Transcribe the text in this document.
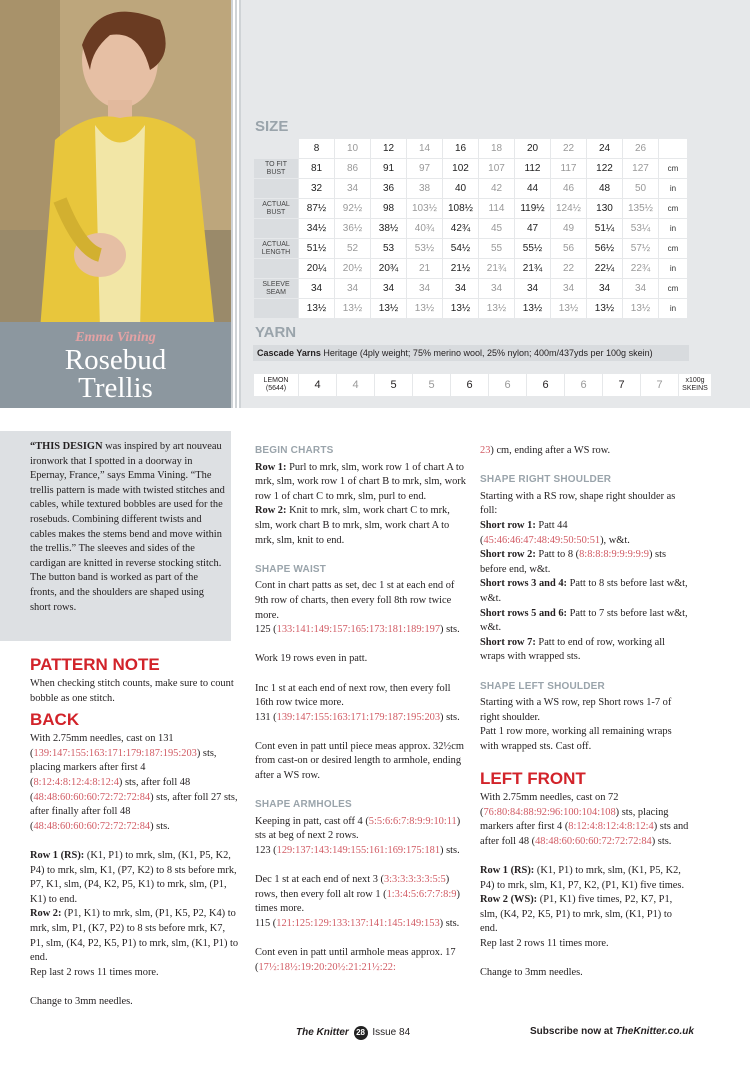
Emma Vining
Rosebud
Trellis
SIZE
	8	10	12	14	16	18	20	22	24	26	
TO FIT BUST	81	86	91	97	102	107	112	117	122	127	cm
	32	34	36	38	40	42	44	46	48	50	in
ACTUAL BUST	87½	92½	98	103½	108½	114	119½	124½	130	135½	cm
	34½	36½	38½	40¾	42¾	45	47	49	51¼	53¼	in
ACTUAL LENGTH	51½	52	53	53½	54½	55	55½	56	56½	57½	cm
	20¼	20½	20¾	21	21½	21¾	21¾	22	22¼	22¾	in
SLEEVE SEAM	34	34	34	34	34	34	34	34	34	34	cm
	13½	13½	13½	13½	13½	13½	13½	13½	13½	13½	in
YARN
Cascade Yarns Heritage (4ply weight; 75% merino wool, 25% nylon; 400m/437yds per 100g skein)
LEMON (5644)	4	4	5	5	6	6	6	6	7	7	x100g SKEINS

“THIS DESIGN was inspired by art nouveau ironwork that I spotted in a doorway in Epernay, France,” says Emma Vining. “The trellis pattern is made with twisted stitches and cables, while textured bobbles are used for the rosebuds. Combining different twists and cables makes the stems bend and move within the trellis.” The sleeves and sides of the cardigan are knitted in reverse stocking stitch. The button band is worked as part of the fronts, and the shoulders are shaped using short rows.

PATTERN NOTE

When checking stitch counts, make sure to count bobble as one stitch.

BACK

With 2.75mm needles, cast on 131 (139:147:155:163:171:179:187:195:203) sts, placing markers after first 4 (8:12:4:8:12:4:8:12:4) sts, after foll 48 (48:48:60:60:60:72:72:72:84) sts, after foll 27 sts, after finally after foll 48 (48:48:60:60:60:72:72:72:84) sts.

Row 1 (RS): (K1, P1) to mrk, slm, (K1, P5, K2, P4) to mrk, slm, K1, (P7, K2) to 8 sts before mrk, P7, K1, slm, (P4, K2, P5, K1) to mrk, slm, (P1, K1) to end.

Row 2: (P1, K1) to mrk, slm, (P1, K5, P2, K4) to mrk, slm, P1, (K7, P2) to 8 sts before mrk, K7, P1, slm, (K4, P2, K5, P1) to mrk, slm, (K1, P1) to end.

Rep last 2 rows 11 times more.

Change to 3mm needles.

BEGIN CHARTS

Row 1: Purl to mrk, slm, work row 1 of chart A to mrk, slm, work row 1 of chart B to mrk, slm, work row 1 of chart C to mrk, slm, purl to end.

Row 2: Knit to mrk, slm, work chart C to mrk, slm, work chart B to mrk, slm, work chart A to mrk, slm, knit to end.

SHAPE WAIST

Cont in chart patts as set, dec 1 st at each end of 9th row of charts, then every foll 8th row twice more.

125 (133:141:149:157:165:173:181:189:197) sts.

Work 19 rows even in patt.

Inc 1 st at each end of next row, then every foll 16th row twice more.

131 (139:147:155:163:171:179:187:195:203) sts.

Cont even in patt until piece meas approx. 32½cm from cast-on or desired length to armhole, ending after a WS row.

SHAPE ARMHOLES

Keeping in patt, cast off 4 (5:5:6:6:7:8:9:9:10:11) sts at beg of next 2 rows.

123 (129:137:143:149:155:161:169:175:181) sts.

Dec 1 st at each end of next 3 (3:3:3:3:3:3:5:5) rows, then every foll alt row 1 (1:3:4:5:6:7:7:8:9) times more.

115 (121:125:129:133:137:141:145:149:153) sts.

Cont even in patt until armhole meas approx. 17 (17½:18½:19:20:20½:21:21½:22:

23) cm, ending after a WS row.

SHAPE RIGHT SHOULDER

Starting with a RS row, shape right shoulder as foll:

Short row 1: Patt 44 (45:46:46:47:48:49:50:50:51), w&t.

Short row 2: Patt to 8 (8:8:8:8:9:9:9:9:9) sts before end, w&t.

Short rows 3 and 4: Patt to 8 sts before last w&t, w&t.

Short rows 5 and 6: Patt to 7 sts before last w&t, w&t.

Short row 7: Patt to end of row, working all wraps with wrapped sts.

SHAPE LEFT SHOULDER

Starting with a WS row, rep Short rows 1-7 of right shoulder.

Patt 1 row more, working all remaining wraps with wrapped sts. Cast off.

LEFT FRONT

With 2.75mm needles, cast on 72 (76:80:84:88:92:96:100:104:108) sts, placing markers after first 4 (8:12:4:8:12:4:8:12:4) sts and after foll 48 (48:48:60:60:60:72:72:72:84) sts.

Row 1 (RS): (K1, P1) to mrk, slm, (K1, P5, K2, P4) to mrk, slm, K1, P7, K2, (P1, K1) five times.

Row 2 (WS): (P1, K1) five times, P2, K7, P1, slm, (K4, P2, K5, P1) to mrk, slm, (K1, P1) to end.

Rep last 2 rows 11 times more.

Change to 3mm needles.

The Knitter 28 Issue 84	Subscribe now at TheKnitter.co.uk
